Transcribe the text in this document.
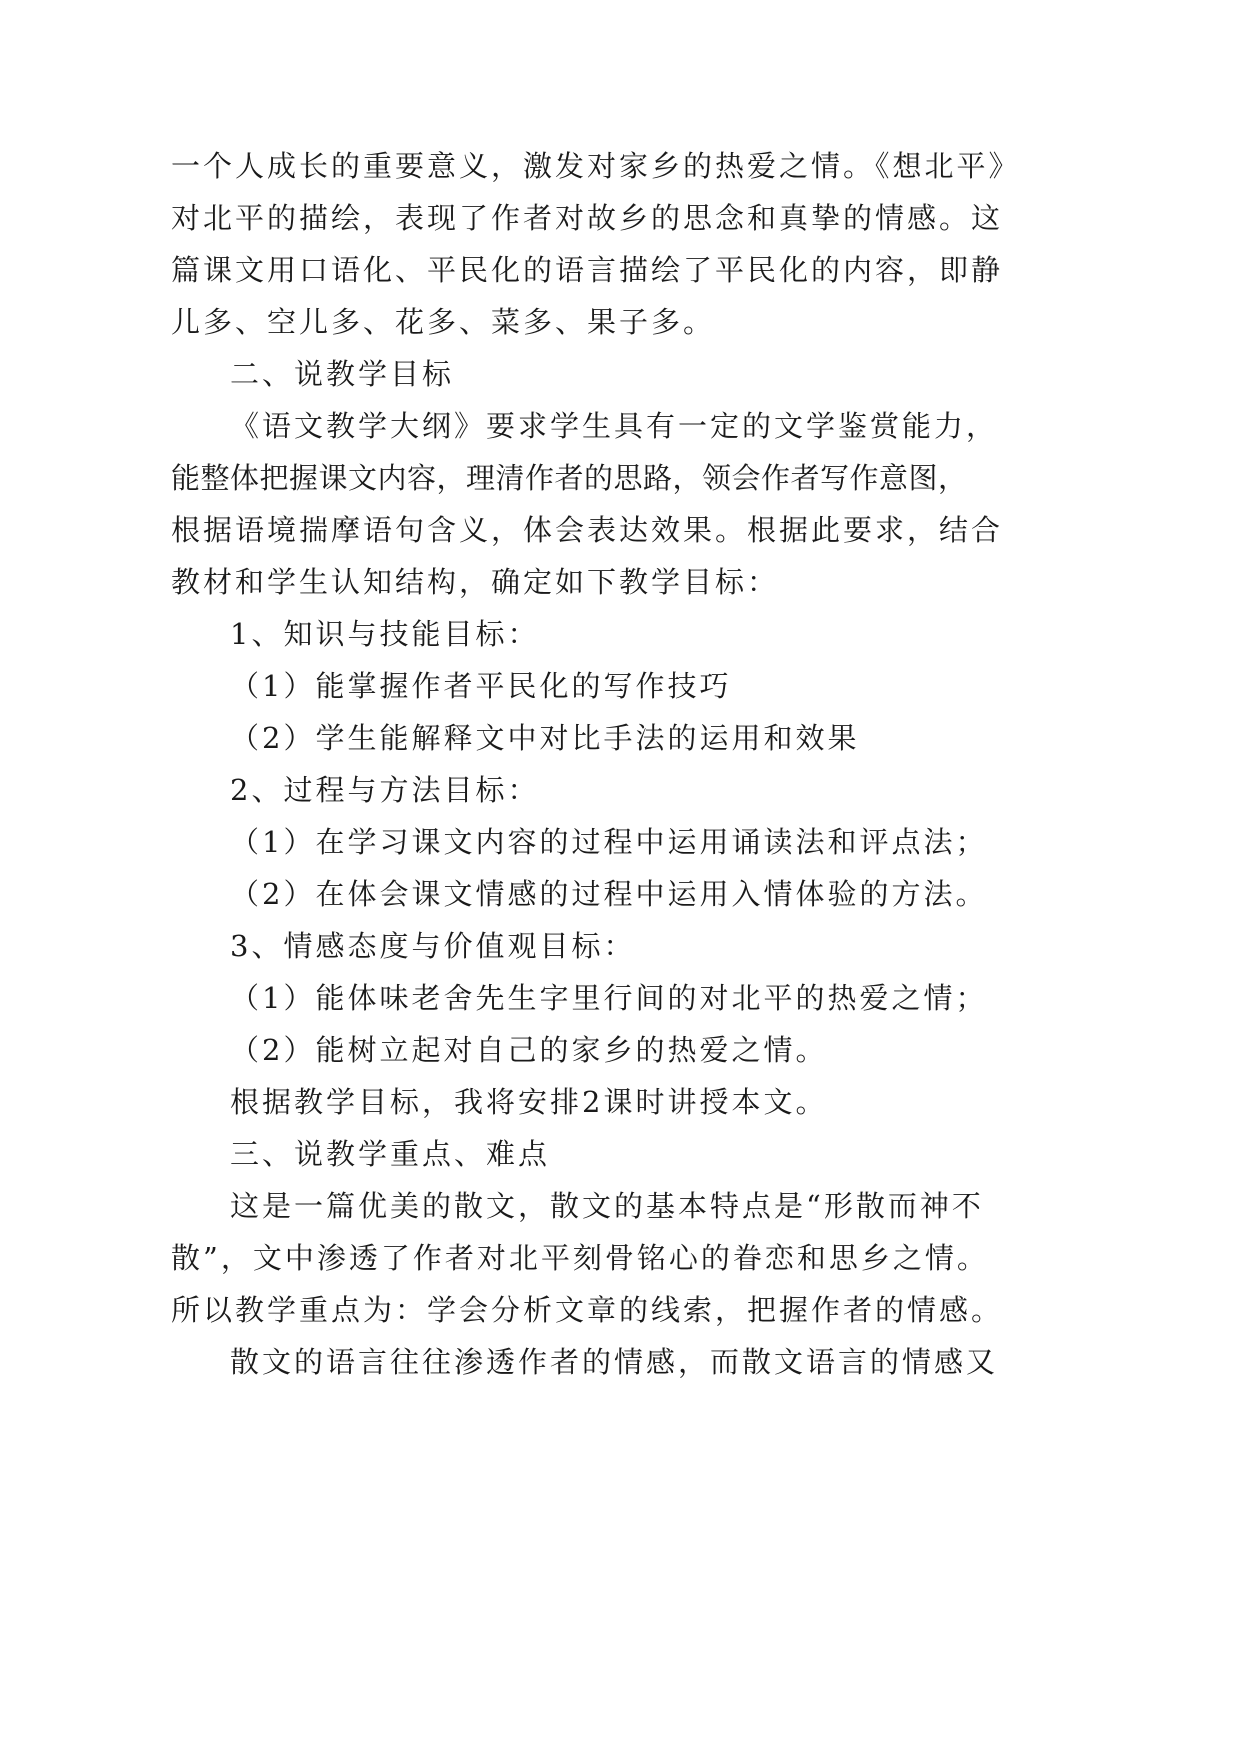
一个人成长的重要意义，激发对家乡的热爱之情。《想北平》
对北平的描绘，表现了作者对故乡的思念和真挚的情感。这
篇课文用口语化、平民化的语言描绘了平民化的内容，即静
儿多、空儿多、花多、菜多、果子多。
二、说教学目标
《语文教学大纲》要求学生具有一定的文学鉴赏能力，
能整体把握课文内容，理清作者的思路，领会作者写作意图，
根据语境揣摩语句含义，体会表达效果。根据此要求，结合
教材和学生认知结构，确定如下教学目标：
1、知识与技能目标：
（1）能掌握作者平民化的写作技巧
（2）学生能解释文中对比手法的运用和效果
2、过程与方法目标：
（1）在学习课文内容的过程中运用诵读法和评点法；
（2）在体会课文情感的过程中运用入情体验的方法。
3、情感态度与价值观目标：
（1）能体味老舍先生字里行间的对北平的热爱之情；
（2）能树立起对自己的家乡的热爱之情。
根据教学目标，我将安排2课时讲授本文。
三、说教学重点、难点
这是一篇优美的散文，散文的基本特点是“形散而神不
散”，文中渗透了作者对北平刻骨铭心的眷恋和思乡之情。
所以教学重点为：学会分析文章的线索，把握作者的情感。
散文的语言往往渗透作者的情感，而散文语言的情感又
